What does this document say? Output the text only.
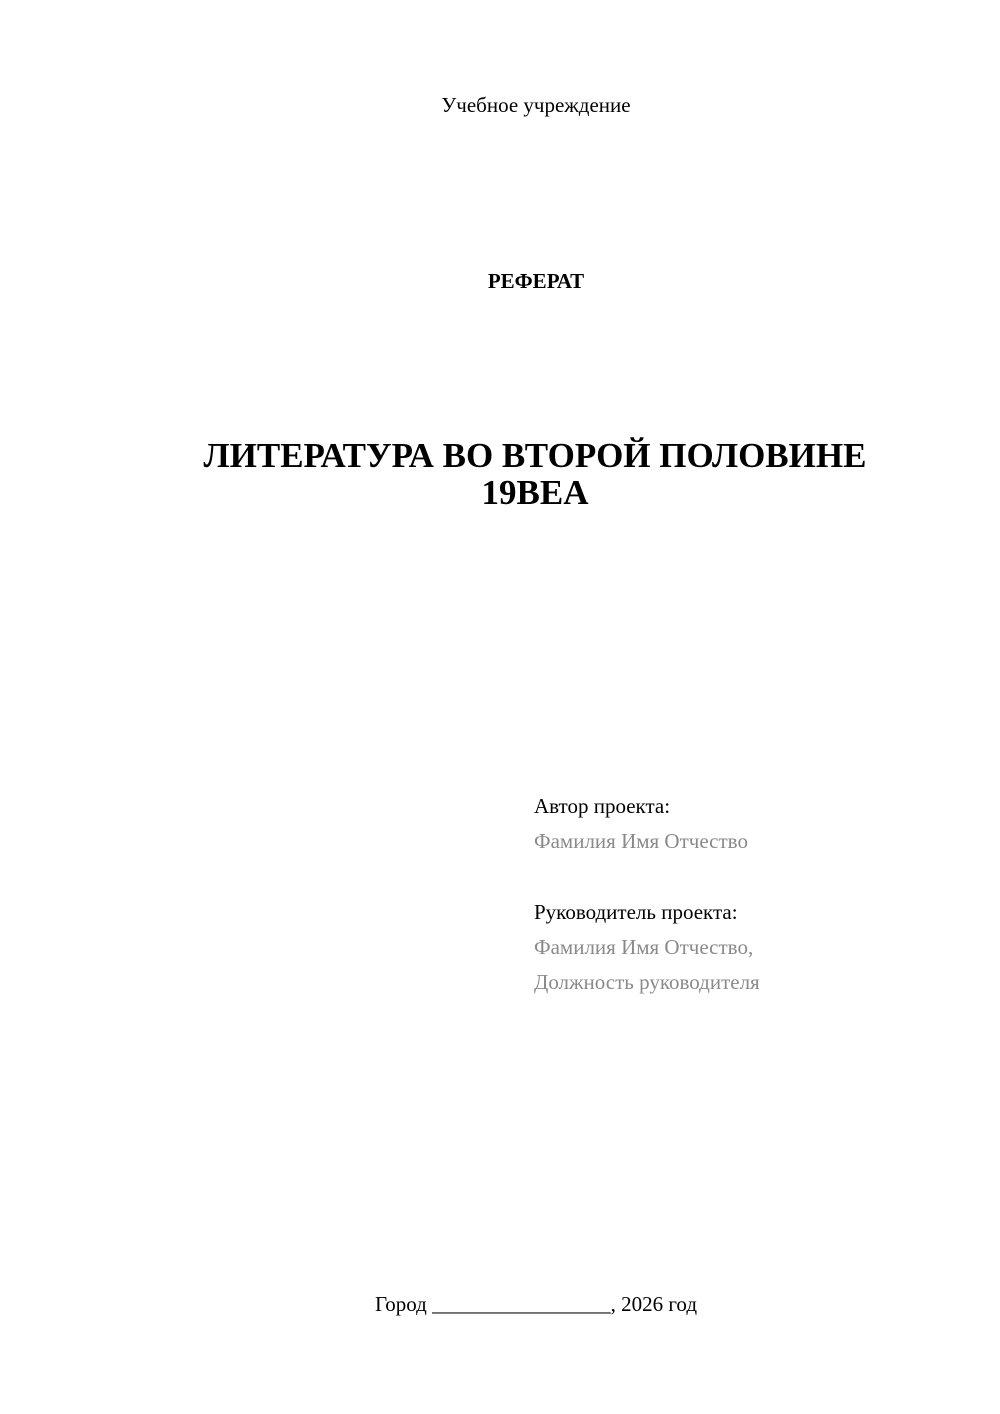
Учебное учреждение
РЕФЕРАТ
ЛИТЕРАТУРА ВО ВТОРОЙ ПОЛОВИНЕ
19ВЕА
Автор проекта:
Фамилия Имя Отчество
Руководитель проекта:
Фамилия Имя Отчество,
Должность руководителя
Город _________________, 2026 год
